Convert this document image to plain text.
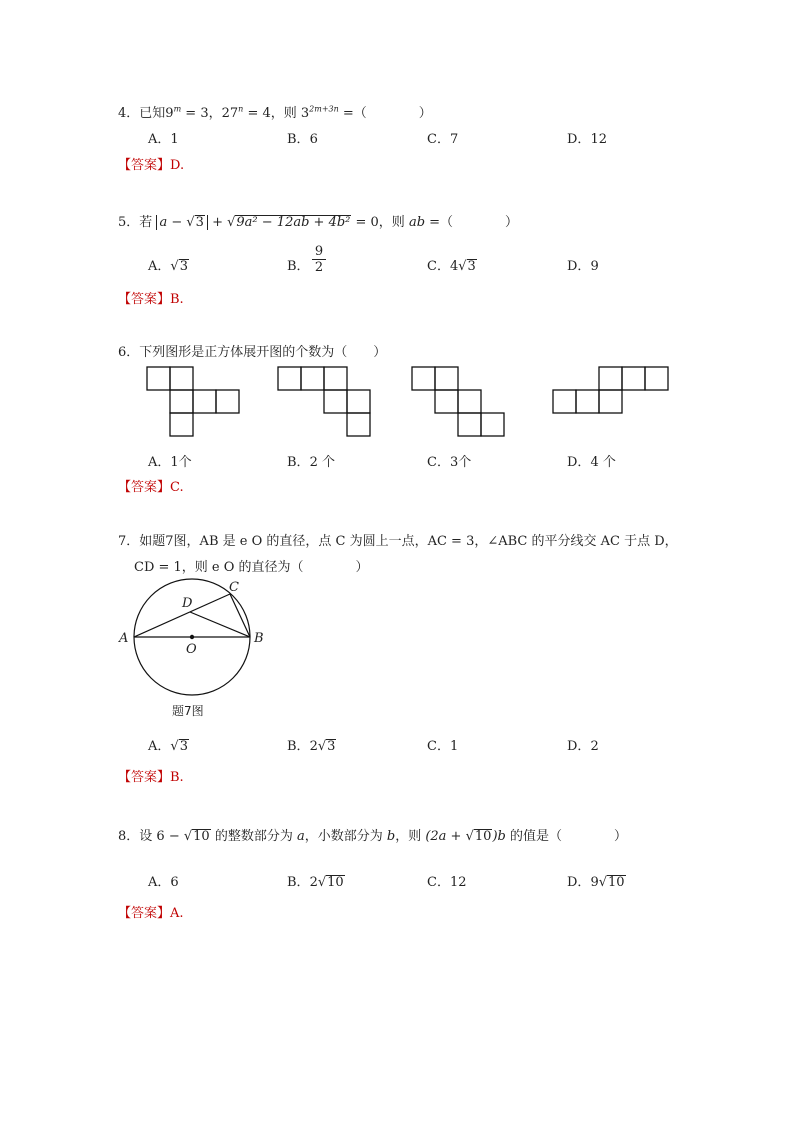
4．已知$9^m = 3$，$27^n = 4$，则 $3^{2m+3n}$ =（　　　　）
A．1	B．6	C．7	D．12
【答案】D.
5．若 a − √3 + √9a² − 12ab + 4b² = 0，则 ab =（　　　　）
A．√3	B．
9
2	C．4√3	D．9
【答案】B.
6．下列图形是正方体展开图的个数为（　　）
A．1个	B．2 个	C．3个	D．4 个
【答案】C.
7．如题7图，AB 是 e O 的直径，点 C 为圆上一点，AC = 3，∠ABC 的平分线交 AC 于点 D，
CD = 1，则 e O 的直径为（　　　　）
A	B
C
D
O
题7图
A．√3	B．2√3	C．1	D．2
【答案】B.
8．设 6 − √10 的整数部分为 a，小数部分为 b，则 (2a + √10)b 的值是（　　　　）
A．6	B．2√10	C．12	D．9√10
【答案】A.
